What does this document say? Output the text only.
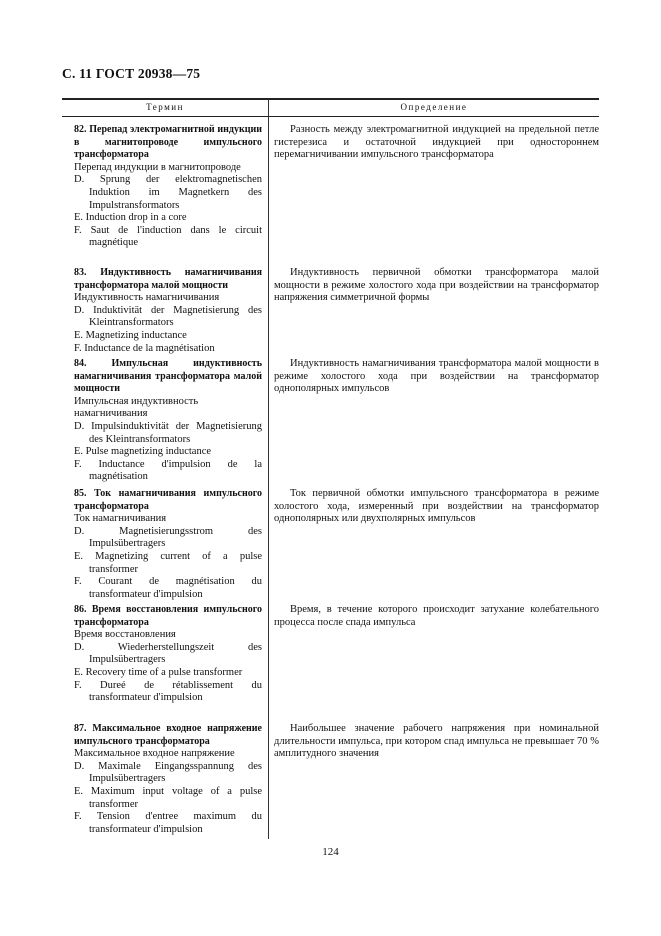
С. 11 ГОСТ 20938—75
Термин	Определение
82. Перепад электромагнитной индукции в магнитопроводе импульсного трансформатора
Перепад индукции в магнитопроводе
D. Sprung der elektromagnetischen Induktion im Magnetkern des Impulstransformators
E. Induction drop in a core
F. Saut de l'induction dans le circuit magnétique
Разность между электромагнитной индукцией на предельной петле гистерезиса и остаточной индукцией при одностороннем перемагничивании импульсного трансформатора
83. Индуктивность намагничивания трансформатора малой мощности
Индуктивность намагничивания
D. Induktivität der Magnetisierung des Kleintransformators
E. Magnetizing inductance
F. Inductance de la magnétisation
Индуктивность первичной обмотки трансформатора малой мощности в режиме холостого хода при воздействии на трансформатор напряжения симметричной формы
84.	Импульсная индуктивность намагничивания трансформатора малой мощности
Импульсная индуктивность намагничивания
D. Impulsinduktivität der Magnetisierung des Kleintransformators
E. Pulse magnetizing inductance
F. Inductance d'impulsion de la magnétisation
Индуктивность намагничивания трансформатора малой мощности в режиме холостого хода при воздействии на трансформатор однополярных импульсов
85. Ток намагничивания импульсного трансформатора
Ток намагничивания
D. Magnetisierungsstrom des Impulsübertragers
E. Magnetizing current of a pulse transformer
F. Courant de magnétisation du transformateur d'impulsion
Ток первичной обмотки импульсного трансформатора в режиме холостого хода, измеренный при воздействии на трансформатор однополярных или двухполярных импульсов
86. Время восстановления импульсного трансформатора
Время восстановления
D. Wiederherstellungszeit des Impulsübertragers
E. Recovery time of a pulse transformer
F. Dureé de rétablissement du transformateur d'impulsion
Время, в течение которого происходит затухание колебательного процесса после спада импульса
87. Максимальное входное напряжение импульсного трансформатора
Максимальное входное напряжение
D. Maximale Eingangsspannung des Impulsübertragers
E. Maximum input voltage of a pulse transformer
F. Tension d'entree maximum du transformateur d'impulsion
Наибольшее значение рабочего напряжения при номинальной длительности импульса, при котором спад импульса не превышает 70 % амплитудного значения
124
